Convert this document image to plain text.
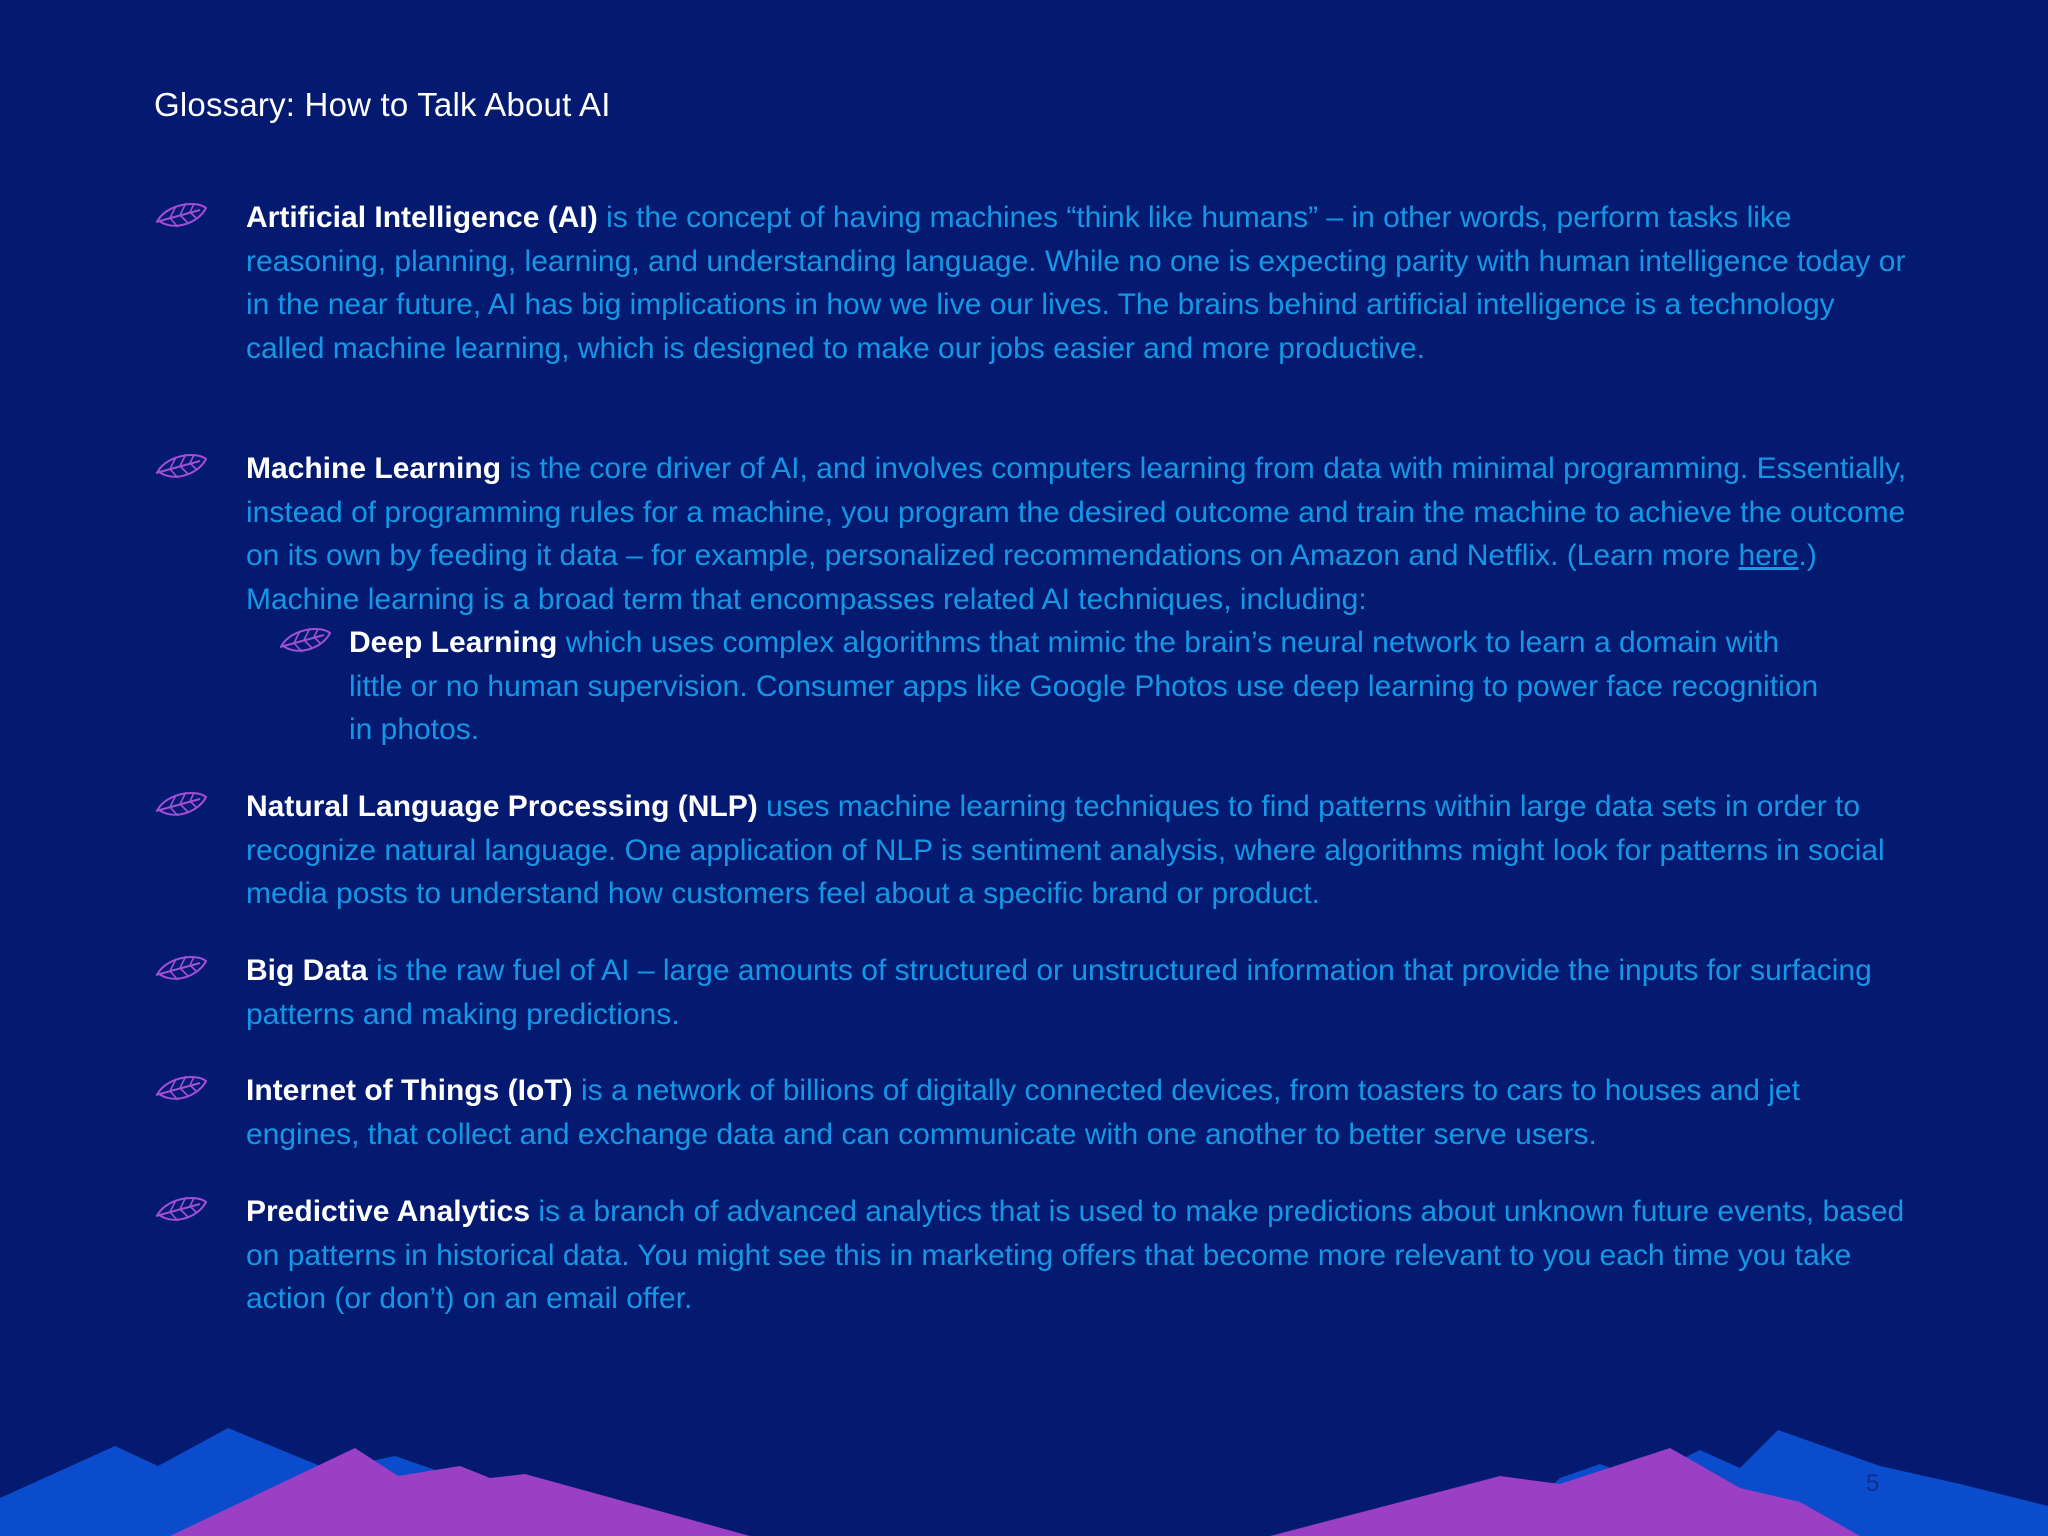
Glossary: How to Talk About AI
Artificial Intelligence (AI) is the concept of having machines “think like humans” – in other words, perform tasks like reasoning, planning, learning, and understanding language. While no one is expecting parity with human intelligence today or in the near future, AI has big implications in how we live our lives. The brains behind artificial intelligence is a technology called machine learning, which is designed to make our jobs easier and more productive.
Machine Learning is the core driver of AI, and involves computers learning from data with minimal programming. Essentially, instead of programming rules for a machine, you program the desired outcome and train the machine to achieve the outcome on its own by feeding it data – for example, personalized recommendations on Amazon and Netflix. (Learn more here.) Machine learning is a broad term that encompasses related AI techniques, including:
Deep Learning which uses complex algorithms that mimic the brain’s neural network to learn a domain with little or no human supervision. Consumer apps like Google Photos use deep learning to power face recognition in photos.
Natural Language Processing (NLP) uses machine learning techniques to find patterns within large data sets in order to recognize natural language. One application of NLP is sentiment analysis, where algorithms might look for patterns in social media posts to understand how customers feel about a specific brand or product.
Big Data is the raw fuel of AI – large amounts of structured or unstructured information that provide the inputs for surfacing patterns and making predictions.
Internet of Things (IoT) is a network of billions of digitally connected devices, from toasters to cars to houses and jet engines, that collect and exchange data and can communicate with one another to better serve users.
Predictive Analytics is a branch of advanced analytics that is used to make predictions about unknown future events, based on patterns in historical data. You might see this in marketing offers that become more relevant to you each time you take action (or don’t) on an email offer.
5
